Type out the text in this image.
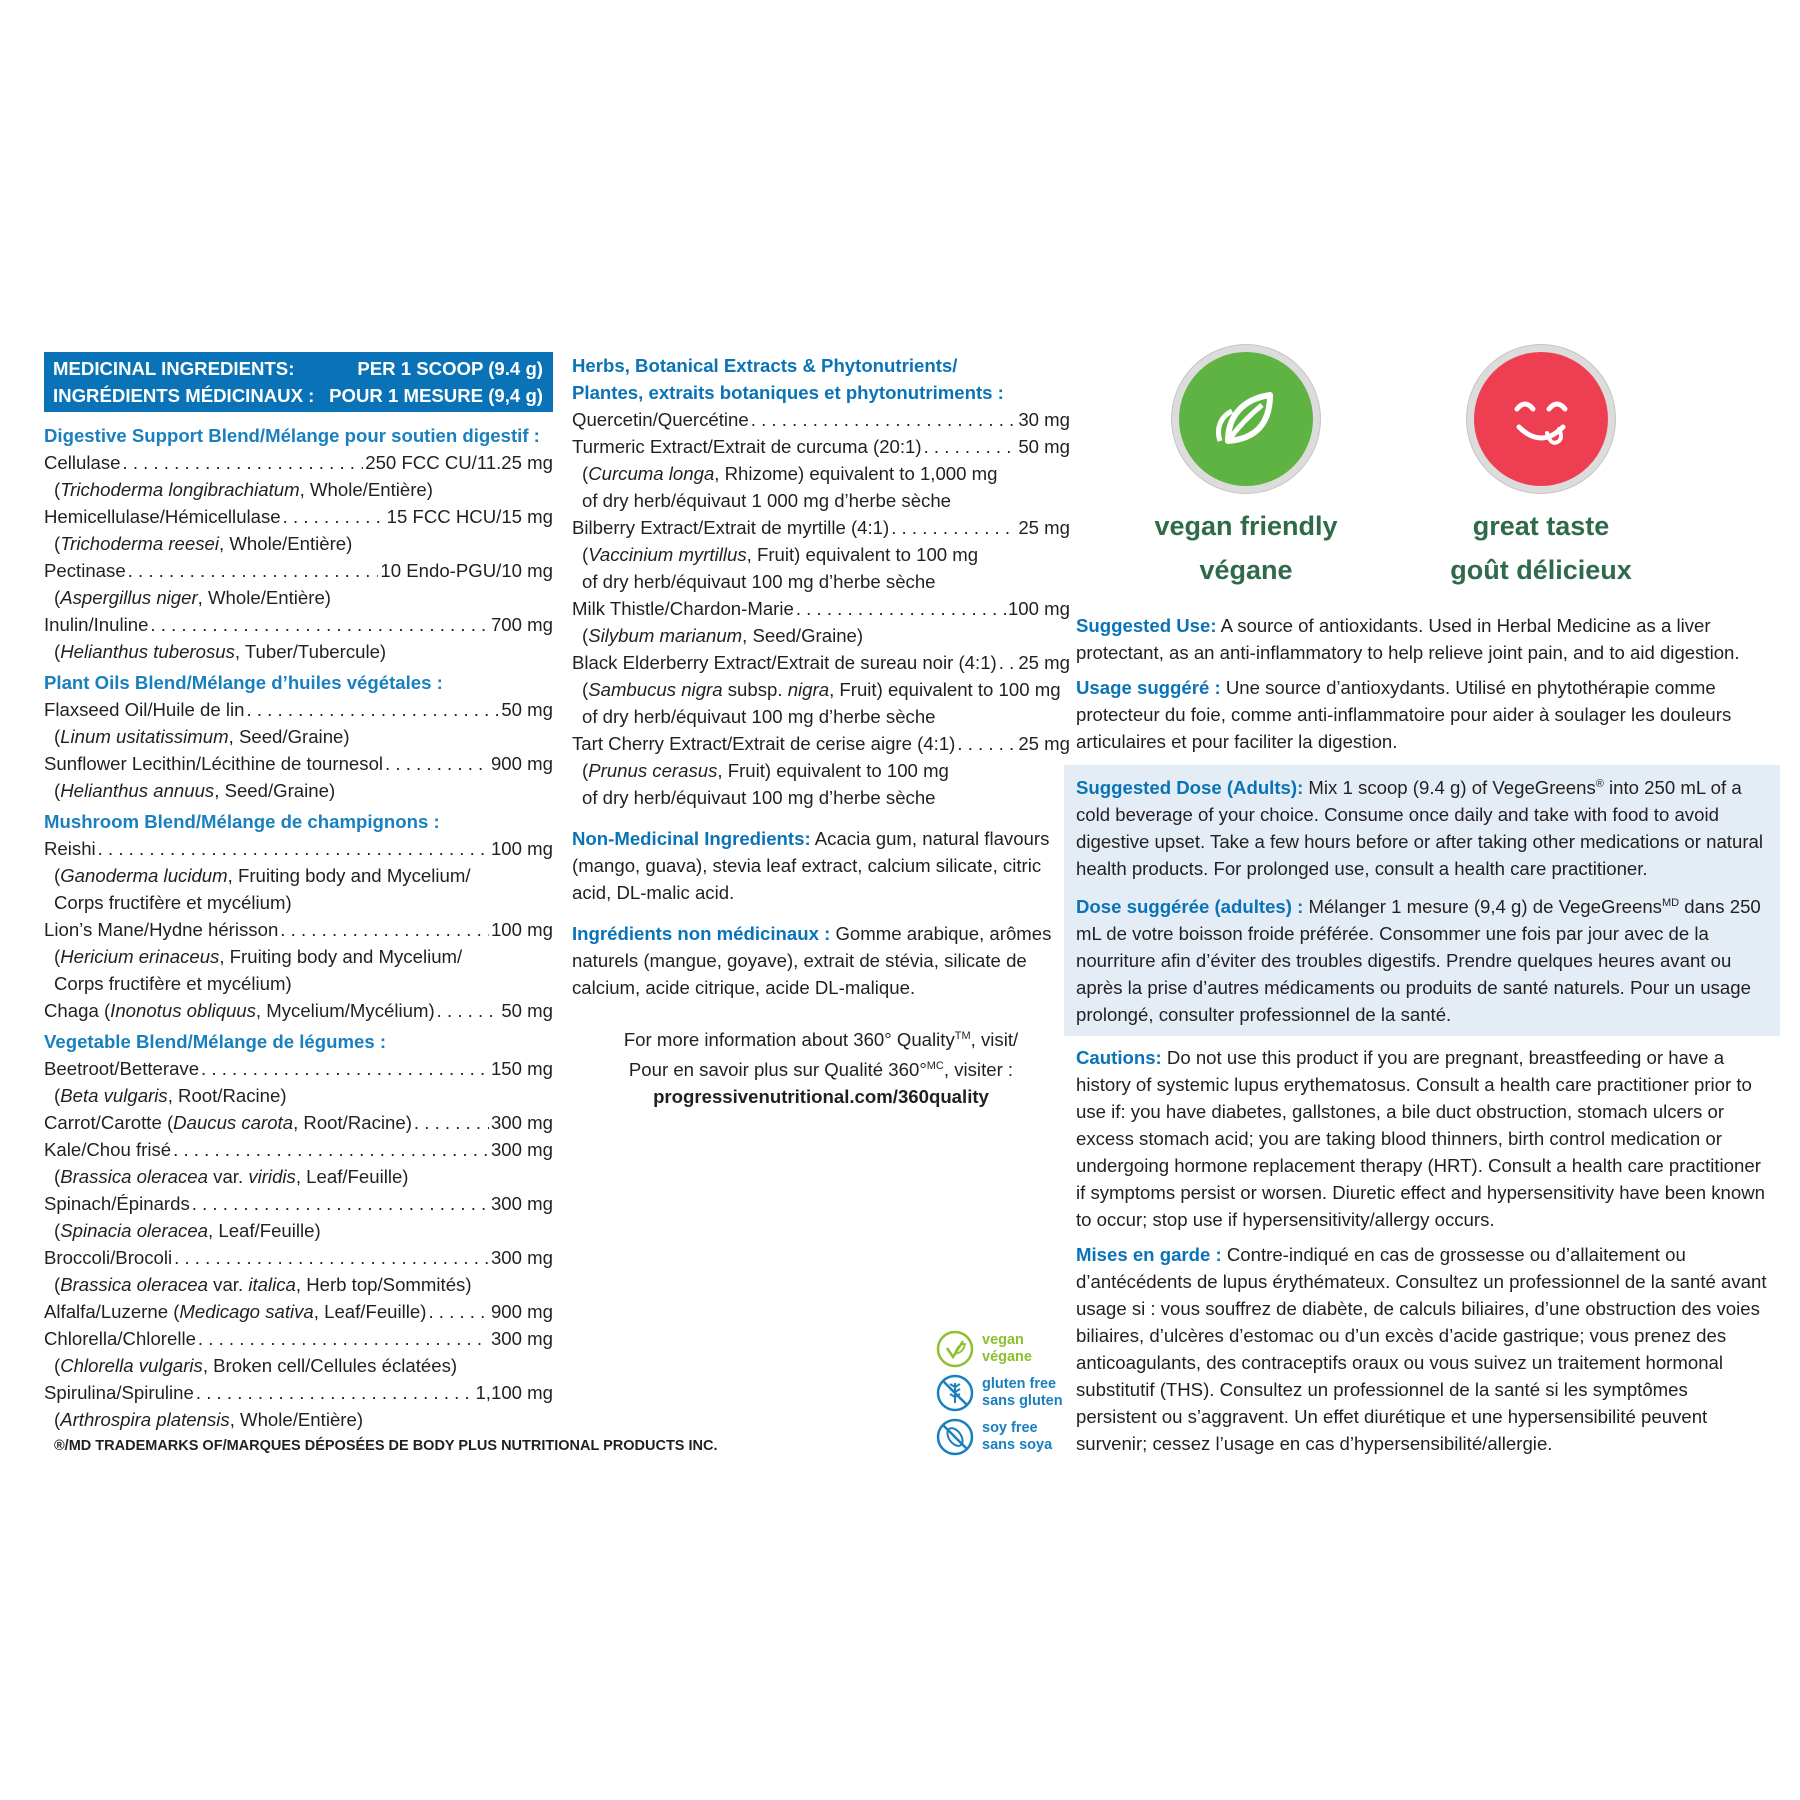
MEDICINAL INGREDIENTS:	PER 1 SCOOP (9.4 g)
INGRÉDIENTS MÉDICINAUX : POUR 1 MESURE (9,4 g)
Digestive Support Blend/Mélange pour soutien digestif :
Cellulase . . .	250 FCC CU/11.25 mg
(Trichoderma longibrachiatum, Whole/Entière)
Hemicellulase/Hémicellulase . . .	15 FCC HCU/15 mg
(Trichoderma reesei, Whole/Entière)
Pectinase . . .	10 Endo-PGU/10 mg
(Aspergillus niger, Whole/Entière)
Inulin/Inuline . . .	700 mg
(Helianthus tuberosus, Tuber/Tubercule)
Plant Oils Blend/Mélange d’huiles végétales :
Flaxseed Oil/Huile de lin . . .	50 mg
(Linum usitatissimum, Seed/Graine)
Sunflower Lecithin/Lécithine de tournesol . . .	900 mg
(Helianthus annuus, Seed/Graine)
Mushroom Blend/Mélange de champignons :
Reishi . . .	100 mg
(Ganoderma lucidum, Fruiting body and Mycelium/
Corps fructifère et mycélium)
Lion’s Mane/Hydne hérisson . . .	100 mg
(Hericium erinaceus, Fruiting body and Mycelium/
Corps fructifère et mycélium)
Chaga (Inonotus obliquus, Mycelium/Mycélium) . . .	50 mg
Vegetable Blend/Mélange de légumes :
Beetroot/Betterave . . .	150 mg
(Beta vulgaris, Root/Racine)
Carrot/Carotte (Daucus carota, Root/Racine) . . .	300 mg
Kale/Chou frisé . . .	300 mg
(Brassica oleracea var. viridis, Leaf/Feuille)
Spinach/Épinards . . .	300 mg
(Spinacia oleracea, Leaf/Feuille)
Broccoli/Brocoli . . .	300 mg
(Brassica oleracea var. italica, Herb top/Sommités)
Alfalfa/Luzerne (Medicago sativa, Leaf/Feuille) . . .	900 mg
Chlorella/Chlorelle . . .	300 mg
(Chlorella vulgaris, Broken cell/Cellules éclatées)
Spirulina/Spiruline . . .	1,100 mg
(Arthrospira platensis, Whole/Entière)
®/MD TRADEMARKS OF/MARQUES DÉPOSÉES DE BODY PLUS NUTRITIONAL PRODUCTS INC.
Herbs, Botanical Extracts & Phytonutrients/
Plantes, extraits botaniques et phytonutriments :
Quercetin/Quercétine . . .	30 mg
Turmeric Extract/Extrait de curcuma (20:1) . . .	50 mg
(Curcuma longa, Rhizome) equivalent to 1,000 mg
of dry herb/équivaut 1 000 mg d’herbe sèche
Bilberry Extract/Extrait de myrtille (4:1) . . .	25 mg
(Vaccinium myrtillus, Fruit) equivalent to 100 mg
of dry herb/équivaut 100 mg d’herbe sèche
Milk Thistle/Chardon-Marie . . .	100 mg
(Silybum marianum, Seed/Graine)
Black Elderberry Extract/Extrait de sureau noir (4:1) . . . 25 mg
(Sambucus nigra subsp. nigra, Fruit) equivalent to 100 mg
of dry herb/équivaut 100 mg d’herbe sèche
Tart Cherry Extract/Extrait de cerise aigre (4:1) . . .	25 mg
(Prunus cerasus, Fruit) equivalent to 100 mg
of dry herb/équivaut 100 mg d’herbe sèche
Non-Medicinal Ingredients: Acacia gum, natural flavours (mango, guava), stevia leaf extract, calcium silicate, citric acid, DL-malic acid.
Ingrédients non médicinaux : Gomme arabique, arômes naturels (mangue, goyave), extrait de stévia, silicate de calcium, acide citrique, acide DL-malique.
For more information about 360° Quality™, visit/
Pour en savoir plus sur Qualité 360°$^{MC}$, visiter :
progressivenutritional.com/360quality
vegan
végane
gluten free
sans gluten
soy free
sans soya
vegan friendly
végane
great taste
goût délicieux
Suggested Use: A source of antioxidants. Used in Herbal Medicine as a liver protectant, as an anti-inflammatory to help relieve joint pain, and to aid digestion.
Usage suggéré : Une source d’antioxydants. Utilisé en phytothérapie comme protecteur du foie, comme anti-inflammatoire pour aider à soulager les douleurs articulaires et pour faciliter la digestion.
Suggested Dose (Adults): Mix 1 scoop (9.4 g) of VegeGreens® into 250 mL of a cold beverage of your choice. Consume once daily and take with food to avoid digestive upset. Take a few hours before or after taking other medications or natural health products. For prolonged use, consult a health care practitioner.
Dose suggérée (adultes) : Mélanger 1 mesure (9,4 g) de VegeGreens$^{MD}$ dans 250 mL de votre boisson froide préférée. Consommer une fois par jour avec de la nourriture afin d’éviter des troubles digestifs. Prendre quelques heures avant ou après la prise d’autres médicaments ou produits de santé naturels. Pour un usage prolongé, consulter professionnel de la santé.
Cautions: Do not use this product if you are pregnant, breastfeeding or have a history of systemic lupus erythematosus. Consult a health care practitioner prior to use if: you have diabetes, gallstones, a bile duct obstruction, stomach ulcers or excess stomach acid; you are taking blood thinners, birth control medication or undergoing hormone replacement therapy (HRT). Consult a health care practitioner if symptoms persist or worsen. Diuretic effect and hypersensitivity have been known to occur; stop use if hypersensitivity/allergy occurs.
Mises en garde : Contre-indiqué en cas de grossesse ou d’allaitement ou d’antécédents de lupus érythémateux. Consultez un professionnel de la santé avant usage si : vous souffrez de diabète, de calculs biliaires, d’une obstruction des voies biliaires, d’ulcères d’estomac ou d’un excès d’acide gastrique; vous prenez des anticoagulants, des contraceptifs oraux ou vous suivez un traitement hormonal substitutif (THS). Consultez un professionnel de la santé si les symptômes persistent ou s’aggravent. Un effet diurétique et une hypersensibilité peuvent survenir; cessez l’usage en cas d’hypersensibilité/allergie.
